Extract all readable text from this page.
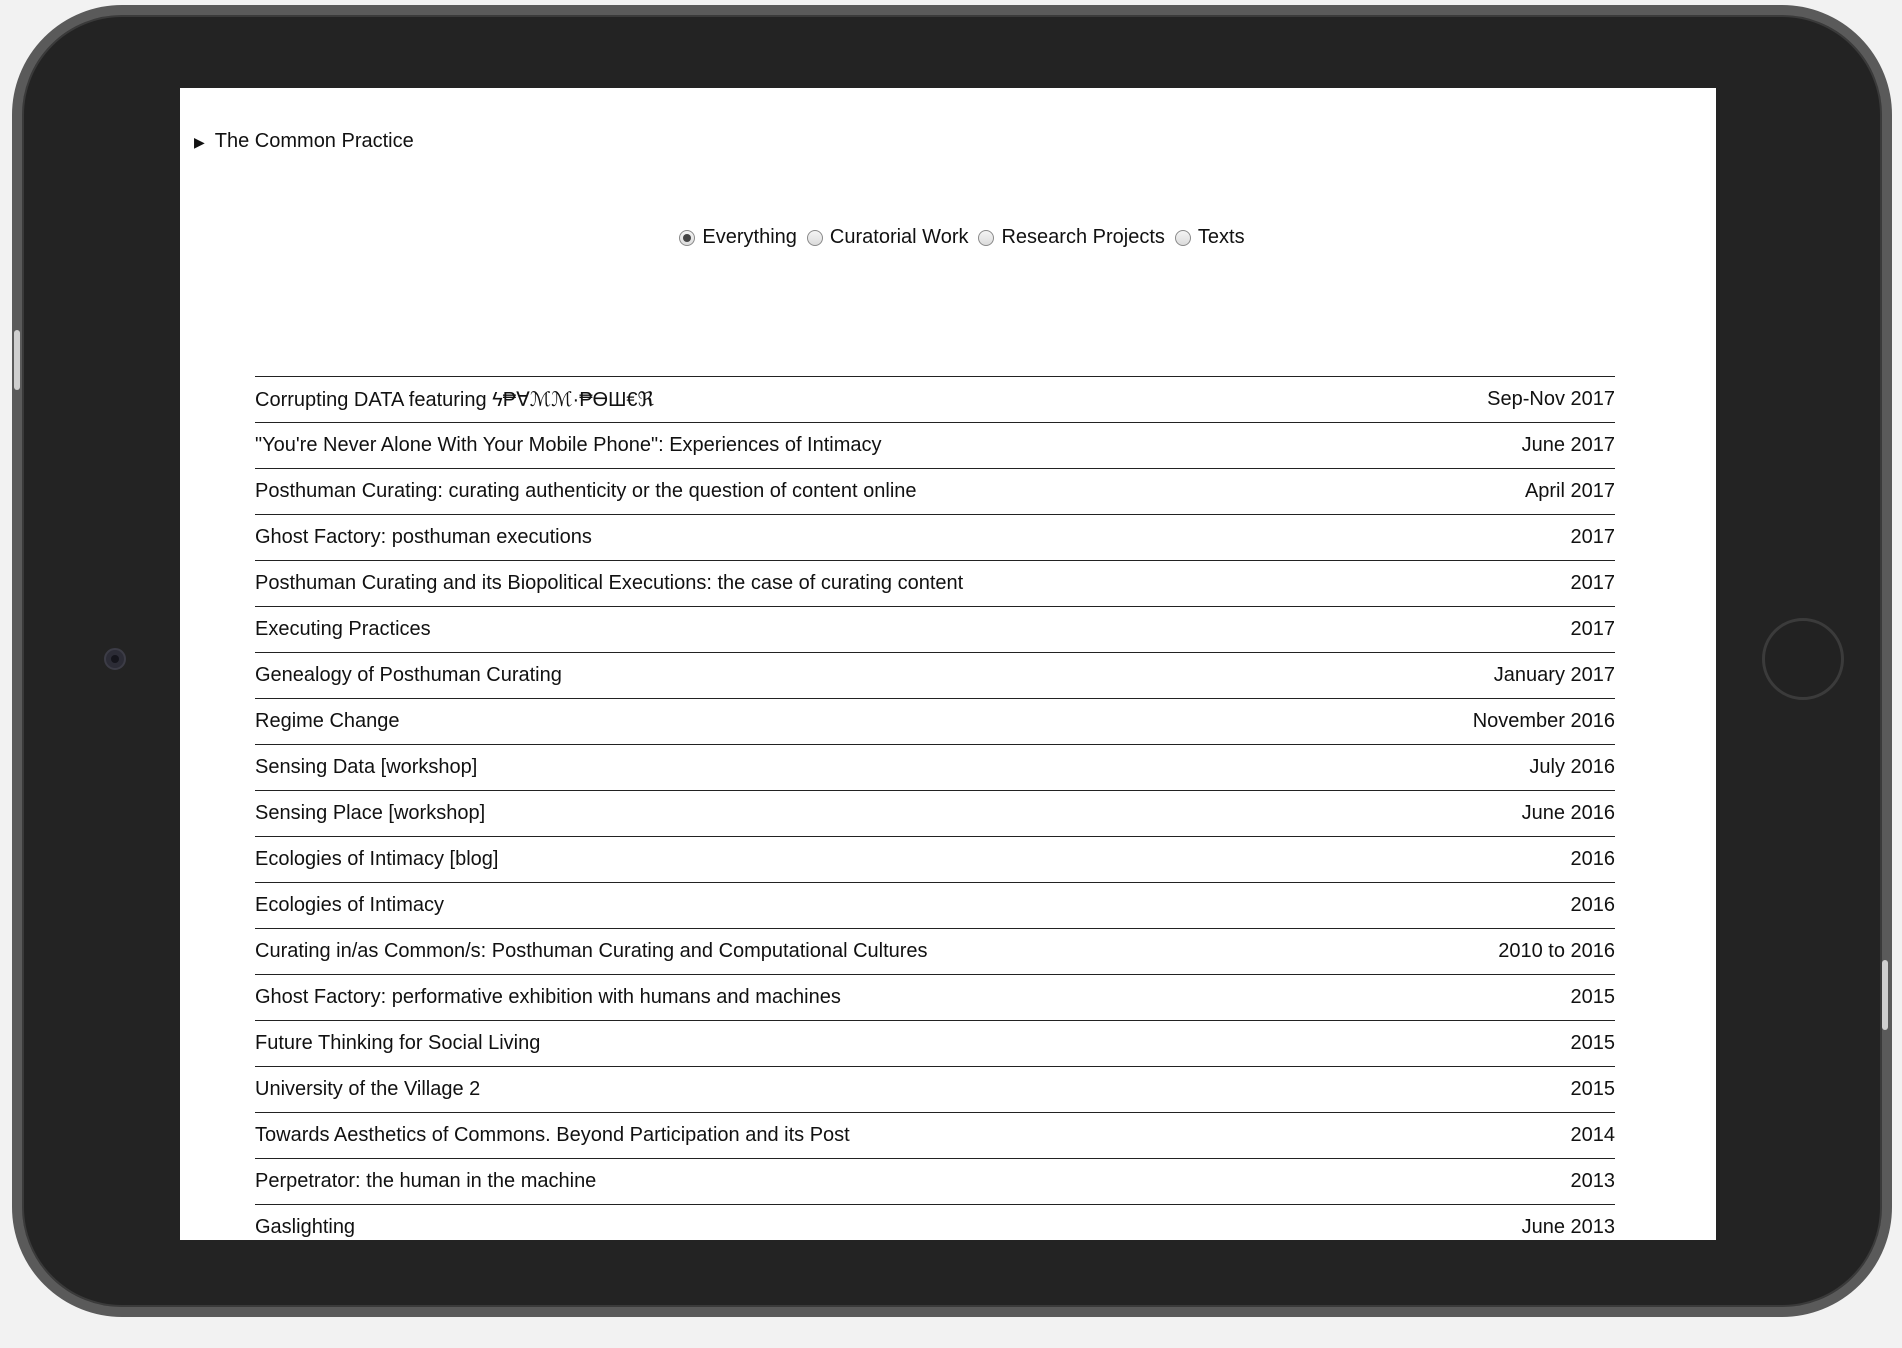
▶ The Common Practice
Everything Curatorial Work Research Projects Texts
Corrupting DATA featuring ϟ₱∀ℳℳ·₱ϴШ€ℜ	Sep-Nov 2017
"You're Never Alone With Your Mobile Phone": Experiences of Intimacy	June 2017
Posthuman Curating: curating authenticity or the question of content online	April 2017
Ghost Factory: posthuman executions	2017
Posthuman Curating and its Biopolitical Executions: the case of curating content	2017
Executing Practices	2017
Genealogy of Posthuman Curating	January 2017
Regime Change	November 2016
Sensing Data [workshop]	July 2016
Sensing Place [workshop]	June 2016
Ecologies of Intimacy [blog]	2016
Ecologies of Intimacy	2016
Curating in/as Common/s: Posthuman Curating and Computational Cultures	2010 to 2016
Ghost Factory: performative exhibition with humans and machines	2015
Future Thinking for Social Living	2015
University of the Village 2	2015
Towards Aesthetics of Commons. Beyond Participation and its Post	2014
Perpetrator: the human in the machine	2013
Gaslighting	June 2013
